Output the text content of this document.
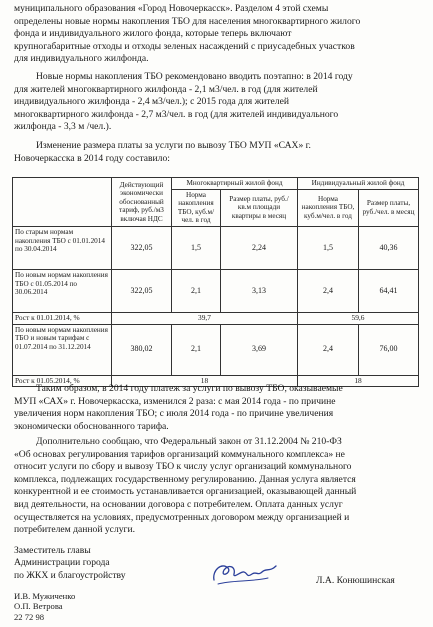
муниципального образования «Город Новочеркасск». Разделом 4 этой схемы
определены новые нормы накопления ТБО для населения многоквартирного жилого
фонда и индивидуального жилого фонда, которые теперь включают
крупногабаритные отходы и отходы зеленых насаждений с приусадебных участков
для индивидуального жилфонда.
Новые нормы накопления ТБО рекомендовано вводить поэтапно: в 2014 году
для жителей многоквартирного жилфонда - 2,1 м3/чел. в год (для жителей
индивидуального жилфонда - 2,4 м3/чел.); с 2015 года для жителей
многоквартирного жилфонда - 2,7 м3/чел. в год (для жителей индивидуального
жилфонда - 3,3 м /чел.).
Изменение размера платы за услуги по вывозу ТБО МУП «САХ» г.
Новочеркасска в 2014 году составило:
	Действующий экономически обоснованный тариф, руб./м3 включая НДС	Многоквартирный жилой фонд		Индивидуальный жилой фонд	
		Норма накопления ТБО, куб.м/чел. в год	Размер платы, руб./кв.м площади квартиры в месяц	Норма накопления ТБО, куб.м/чел. в год	Размер платы, руб./чел. в месяц
По старым нормам накопления ТБО с 01.01.2014 по 30.04.2014	322,05	1,5	2,24	1,5	40,36
По новым нормам накопления ТБО с 01.05.2014 по 30.06.2014	322,05	2,1	3,13	2,4	64,41
Рост к 01.01.2014, %	39,7			59,6	
По новым нормам накопления ТБО и новым тарифам с 01.07.2014 по 31.12.2014	380,02	2,1	3,69	2,4	76,00
Рост к 01.05.2014, %	18			18	
Таким образом, в 2014 году платеж за услуги по вывозу ТБО, оказываемые
МУП «САХ» г. Новочеркасска, изменился 2 раза: с мая 2014 года - по причине
увеличения норм накопления ТБО; с июля 2014 года - по причине увеличения
экономически обоснованного тарифа.
Дополнительно сообщаю, что Федеральный закон от 31.12.2004 № 210-ФЗ
«Об основах регулирования тарифов организаций коммунального комплекса» не
относит услуги по сбору и вывозу ТБО к числу услуг организаций коммунального
комплекса, подлежащих государственному регулированию. Данная услуга является
конкурентной и ее стоимость устанавливается организацией, оказывающей данный
вид деятельности, на основании договора с потребителем. Оплата данных услуг
осуществляется на условиях, предусмотренных договором между организацией и
потребителем данной услуги.
Заместитель главы
Администрации города
по ЖКХ и благоустройству	Л.А. Конюшинская
И.В. Мужиченко
О.П. Ветрова
22 72 98
